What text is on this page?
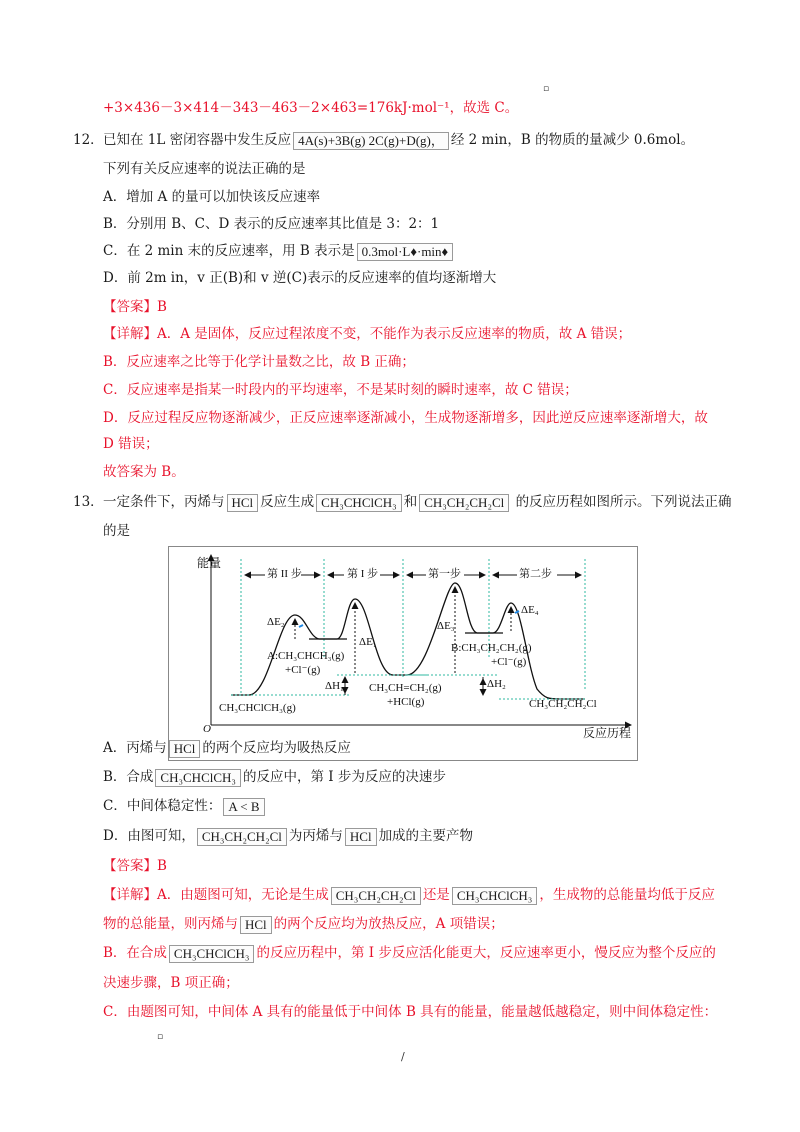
▫
+3×436－3×414－343－463－2×463=176kJ·mol⁻¹，故选 C。
12．已知在 1L 密闭容器中发生反应 4A(s)+3B(g) 2C(g)+D(g)， 经 2 min，B 的物质的量减少 0.6mol。
下列有关反应速率的说法正确的是
A．增加 A 的量可以加快该反应速率
B．分别用 B、C、D 表示的反应速率其比值是 3：2：1
C．在 2 min 末的反应速率，用 B 表示是 0.3mol·L♦·min♦
D．前 2m in，v 正(B)和 v 逆(C)表示的反应速率的值均逐渐增大
【答案】B
【详解】A．A 是固体，反应过程浓度不变，不能作为表示反应速率的物质，故 A 错误；
B．反应速率之比等于化学计量数之比，故 B 正确；
C．反应速率是指某一时段内的平均速率，不是某时刻的瞬时速率，故 C 错误；
D．反应过程反应物逐渐减少，正反应速率逐渐减小，生成物逐渐增多，因此逆反应速率逐渐增大，故
D 错误；
故答案为 B。
13．一定条件下，丙烯与 HCl 反应生成 CH₃CHClCH₃ 和 CH₃CH₂CH₂Cl 的反应历程如图所示。下列说法正确
的是
能量
O	反应历程
第 II 步	第 I 步	第一步	第二步
ΔE₂
ΔE₁
ΔE₃
ΔE₄
ΔH₁	ΔH₂
A:CH₃CHCH₃(g)
+Cl⁻(g)
CH₃CHClCH₃(g)
CH₃CH=CH₂(g)
+HCl(g)
B:CH₃CH₂CH₂(g)
+Cl⁻(g)
CH₃CH₂CH₂Cl
A．丙烯与 HCl 的两个反应均为吸热反应
B．合成 CH₃CHClCH₃ 的反应中，第 I 步为反应的决速步
C．中间体稳定性： A < B
D．由图可知， CH₃CH₂CH₂Cl 为丙烯与 HCl 加成的主要产物
【答案】B
【详解】A．由题图可知，无论是生成 CH₃CH₂CH₂Cl 还是 CH₃CHClCH₃ ，生成物的总能量均低于反应
物的总能量，则丙烯与 HCl 的两个反应均为放热反应，A 项错误；
B．在合成 CH₃CHClCH₃ 的反应历程中，第 I 步反应活化能更大，反应速率更小，慢反应为整个反应的
决速步骤，B 项正确；
C．由题图可知，中间体 A 具有的能量低于中间体 B 具有的能量，能量越低越稳定，则中间体稳定性：
▫
/
